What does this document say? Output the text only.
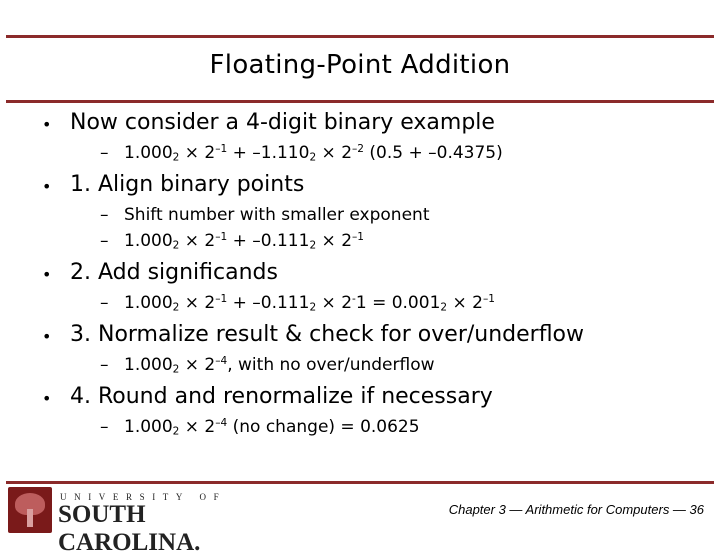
Floating-Point Addition
• Now consider a 4-digit binary example
– $1.000_2 \times 2^{-1} + -1.110_2 \times 2^{-2}$ (0.5 + –0.4375)
• 1. Align binary points
– Shift number with smaller exponent
– $1.000_2 \times 2^{-1} + -0.111_2 \times 2^{-1}$
• 2. Add significands
– $1.000_2 \times 2^{-1} + -0.111_2 \times 2^-1 = 0.001_2 \times 2^{-1}$
• 3. Normalize result & check for over/underflow
– $1.000_2 \times 2^{-4}$, with no over/underflow
• 4. Round and renormalize if necessary
– $1.000_2 \times 2^{-4}$ (no change) = 0.0625
UNIVERSITY OF
SOUTH CAROLINA.
Chapter 3 — Arithmetic for Computers — 36
